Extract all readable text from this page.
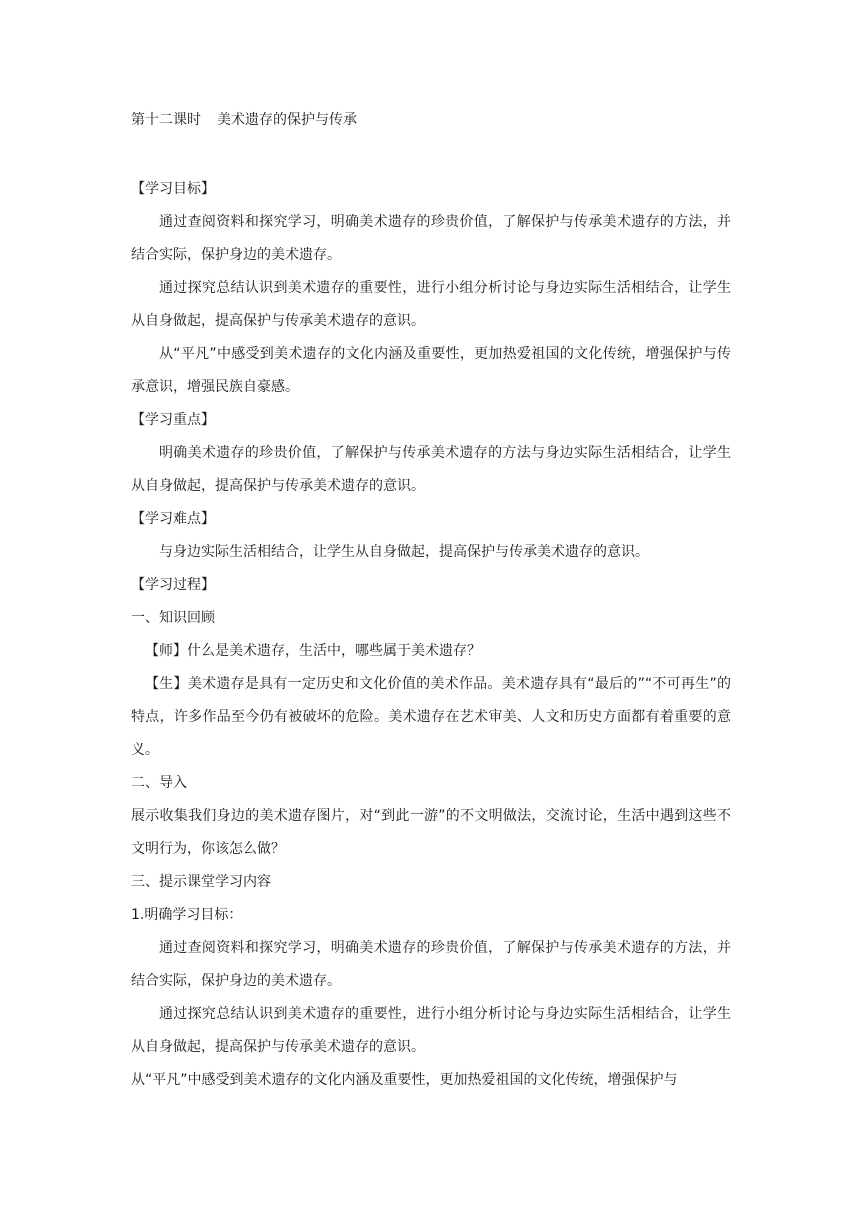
第十二课时 美术遗存的保护与传承

【学习目标】

通过查阅资料和探究学习，明确美术遗存的珍贵价值，了解保护与传承美术遗存的方法，并结合实际，保护身边的美术遗存。

通过探究总结认识到美术遗存的重要性，进行小组分析讨论与身边实际生活相结合，让学生从自身做起，提高保护与传承美术遗存的意识。

从“平凡”中感受到美术遗存的文化内涵及重要性，更加热爱祖国的文化传统，增强保护与传承意识，增强民族自豪感。

【学习重点】

明确美术遗存的珍贵价值，了解保护与传承美术遗存的方法与身边实际生活相结合，让学生从自身做起，提高保护与传承美术遗存的意识。

【学习难点】

与身边实际生活相结合，让学生从自身做起，提高保护与传承美术遗存的意识。

【学习过程】

一、知识回顾

【师】什么是美术遗存，生活中，哪些属于美术遗存？

【生】美术遗存是具有一定历史和文化价值的美术作品。美术遗存具有“最后的”“不可再生”的特点，许多作品至今仍有被破坏的危险。美术遗存在艺术审美、人文和历史方面都有着重要的意义。

二、导入

展示收集我们身边的美术遗存图片，对“到此一游”的不文明做法，交流讨论，生活中遇到这些不文明行为，你该怎么做？

三、提示课堂学习内容

1.明确学习目标：

通过查阅资料和探究学习，明确美术遗存的珍贵价值，了解保护与传承美术遗存的方法，并结合实际，保护身边的美术遗存。

通过探究总结认识到美术遗存的重要性，进行小组分析讨论与身边实际生活相结合，让学生从自身做起，提高保护与传承美术遗存的意识。

从“平凡”中感受到美术遗存的文化内涵及重要性，更加热爱祖国的文化传统，增强保护与
